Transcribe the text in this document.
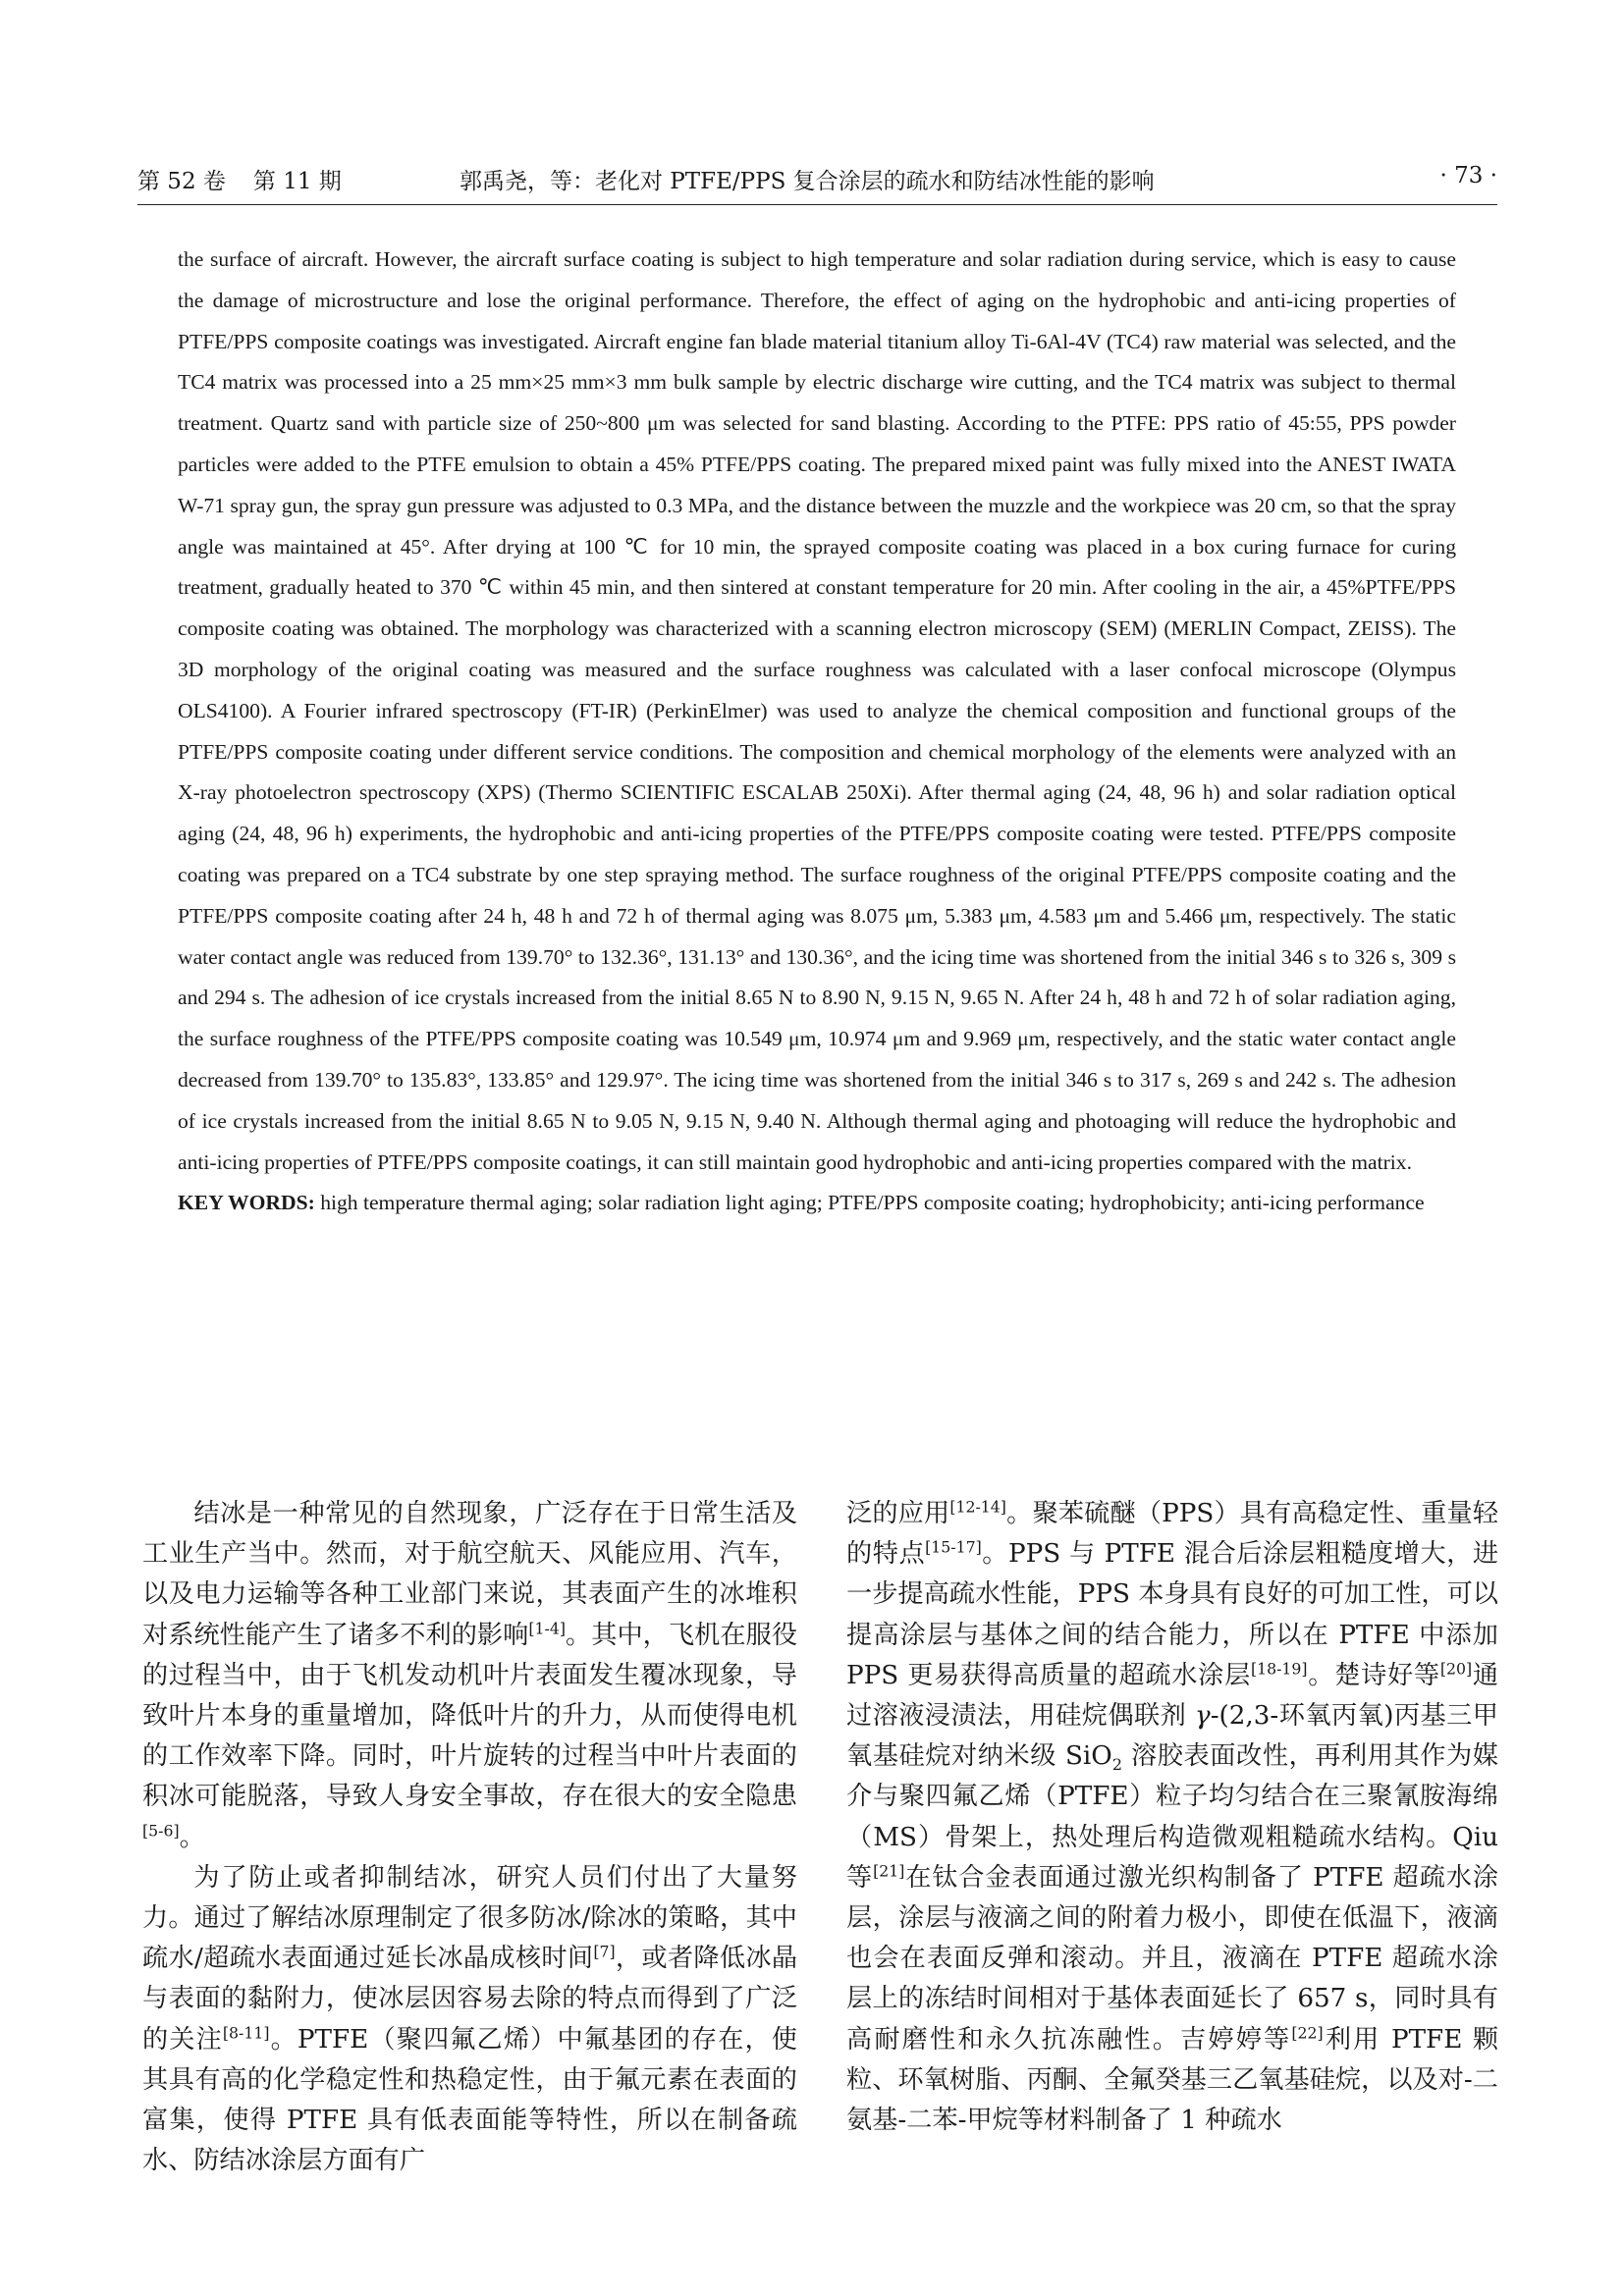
第 52 卷 第 11 期	郭禹尧，等：老化对 PTFE/PPS 复合涂层的疏水和防结冰性能的影响	· 73 ·

the surface of aircraft. However, the aircraft surface coating is subject to high temperature and solar radiation during service, which is easy to cause the damage of microstructure and lose the original performance. Therefore, the effect of aging on the hydrophobic and anti-icing properties of PTFE/PPS composite coatings was investigated. Aircraft engine fan blade material titanium alloy Ti-6Al-4V (TC4) raw material was selected, and the TC4 matrix was processed into a 25 mm×25 mm×3 mm bulk sample by electric discharge wire cutting, and the TC4 matrix was subject to thermal treatment. Quartz sand with particle size of 250~800 μm was selected for sand blasting. According to the PTFE: PPS ratio of 45:55, PPS powder particles were added to the PTFE emulsion to obtain a 45% PTFE/PPS coating. The prepared mixed paint was fully mixed into the ANEST IWATA W-71 spray gun, the spray gun pressure was adjusted to 0.3 MPa, and the distance between the muzzle and the workpiece was 20 cm, so that the spray angle was maintained at 45°. After drying at 100 ℃ for 10 min, the sprayed composite coating was placed in a box curing furnace for curing treatment, gradually heated to 370 ℃ within 45 min, and then sintered at constant temperature for 20 min. After cooling in the air, a 45%PTFE/PPS composite coating was obtained. The morphology was characterized with a scanning electron microscopy (SEM) (MERLIN Compact, ZEISS). The 3D morphology of the original coating was measured and the surface roughness was calculated with a laser confocal microscope (Olympus OLS4100). A Fourier infrared spectroscopy (FT-IR) (PerkinElmer) was used to analyze the chemical composition and functional groups of the PTFE/PPS composite coating under different service conditions. The composition and chemical morphology of the elements were analyzed with an X-ray photoelectron spectroscopy (XPS) (Thermo SCIENTIFIC ESCALAB 250Xi). After thermal aging (24, 48, 96 h) and solar radiation optical aging (24, 48, 96 h) experiments, the hydrophobic and anti-icing properties of the PTFE/PPS composite coating were tested. PTFE/PPS composite coating was prepared on a TC4 substrate by one step spraying method. The surface roughness of the original PTFE/PPS composite coating and the PTFE/PPS composite coating after 24 h, 48 h and 72 h of thermal aging was 8.075 μm, 5.383 μm, 4.583 μm and 5.466 μm, respectively. The static water contact angle was reduced from 139.70° to 132.36°, 131.13° and 130.36°, and the icing time was shortened from the initial 346 s to 326 s, 309 s and 294 s. The adhesion of ice crystals increased from the initial 8.65 N to 8.90 N, 9.15 N, 9.65 N. After 24 h, 48 h and 72 h of solar radiation aging, the surface roughness of the PTFE/PPS composite coating was 10.549 μm, 10.974 μm and 9.969 μm, respectively, and the static water contact angle decreased from 139.70° to 135.83°, 133.85° and 129.97°. The icing time was shortened from the initial 346 s to 317 s, 269 s and 242 s. The adhesion of ice crystals increased from the initial 8.65 N to 9.05 N, 9.15 N, 9.40 N. Although thermal aging and photoaging will reduce the hydrophobic and anti-icing properties of PTFE/PPS composite coatings, it can still maintain good hydrophobic and anti-icing properties compared with the matrix.

KEY WORDS: high temperature thermal aging; solar radiation light aging; PTFE/PPS composite coating; hydrophobicity; anti-icing performance

结冰是一种常见的自然现象，广泛存在于日常生活及工业生产当中。然而，对于航空航天、风能应用、汽车，以及电力运输等各种工业部门来说，其表面产生的冰堆积对系统性能产生了诸多不利的影响[1-4]。其中，飞机在服役的过程当中，由于飞机发动机叶片表面发生覆冰现象，导致叶片本身的重量增加，降低叶片的升力，从而使得电机的工作效率下降。同时，叶片旋转的过程当中叶片表面的积冰可能脱落，导致人身安全事故，存在很大的安全隐患[5-6]。

为了防止或者抑制结冰，研究人员们付出了大量努力。通过了解结冰原理制定了很多防冰/除冰的策略，其中疏水/超疏水表面通过延长冰晶成核时间[7]，或者降低冰晶与表面的黏附力，使冰层因容易去除的特点而得到了广泛的关注[8-11]。PTFE（聚四氟乙烯）中氟基团的存在，使其具有高的化学稳定性和热稳定性，由于氟元素在表面的富集，使得 PTFE 具有低表面能等特性，所以在制备疏水、防结冰涂层方面有广

泛的应用[12-14]。聚苯硫醚（PPS）具有高稳定性、重量轻的特点[15-17]。PPS 与 PTFE 混合后涂层粗糙度增大，进一步提高疏水性能，PPS 本身具有良好的可加工性，可以提高涂层与基体之间的结合能力，所以在 PTFE 中添加 PPS 更易获得高质量的超疏水涂层[18-19]。楚诗好等[20]通过溶液浸渍法，用硅烷偶联剂 γ-(2,3-环氧丙氧)丙基三甲氧基硅烷对纳米级 SiO$_2$ 溶胶表面改性，再利用其作为媒介与聚四氟乙烯（PTFE）粒子均匀结合在三聚氰胺海绵（MS）骨架上，热处理后构造微观粗糙疏水结构。Qiu 等[21]在钛合金表面通过激光织构制备了 PTFE 超疏水涂层，涂层与液滴之间的附着力极小，即使在低温下，液滴也会在表面反弹和滚动。并且，液滴在 PTFE 超疏水涂层上的冻结时间相对于基体表面延长了 657 s，同时具有高耐磨性和永久抗冻融性。吉婷婷等[22]利用 PTFE 颗粒、环氧树脂、丙酮、全氟癸基三乙氧基硅烷，以及对-二氨基-二苯-甲烷等材料制备了 1 种疏水
